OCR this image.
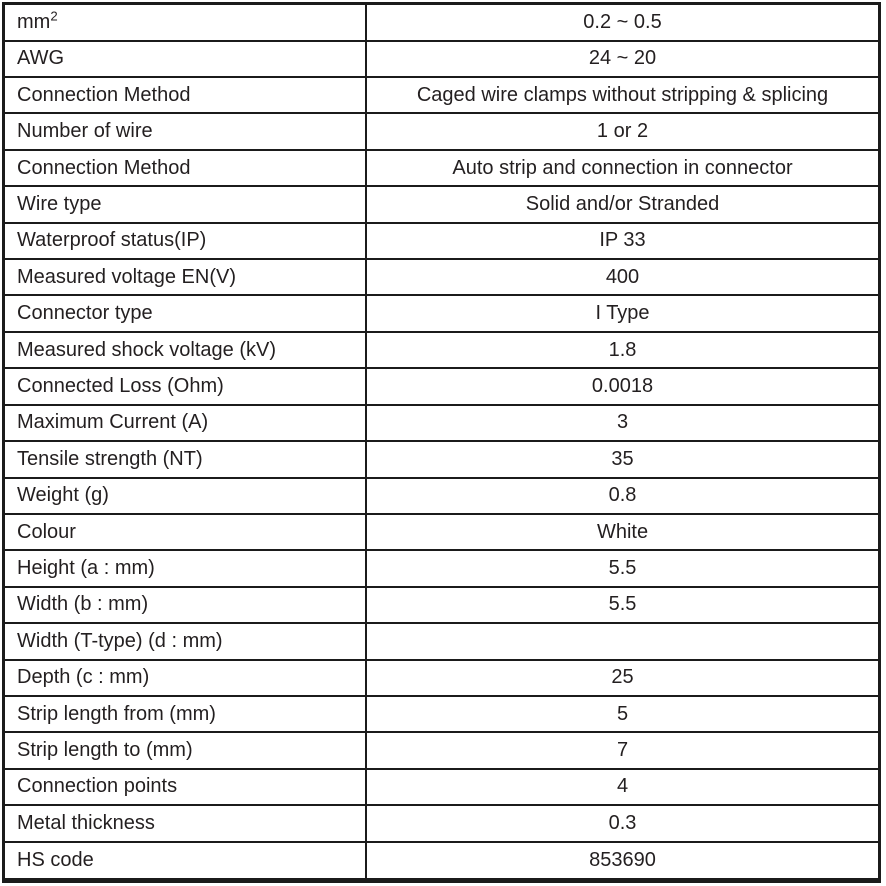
$mm^2$	0.2 ~ 0.5
AWG	24 ~ 20
Connection Method	Caged wire clamps without stripping & splicing
Number of wire	1 or 2
Connection Method	Auto strip and connection in connector
Wire type	Solid and/or Stranded
Waterproof status(IP)	IP 33
Measured voltage EN(V)	400
Connector type	I Type
Measured shock voltage (kV)	1.8
Connected Loss (Ohm)	0.0018
Maximum Current (A)	3
Tensile strength (NT)	35
Weight (g)	0.8
Colour	White
Height (a : mm)	5.5
Width (b : mm)	5.5
Width (T-type) (d : mm)	
Depth (c : mm)	25
Strip length from (mm)	5
Strip length to (mm)	7
Connection points	4
Metal thickness	0.3
HS code	853690
